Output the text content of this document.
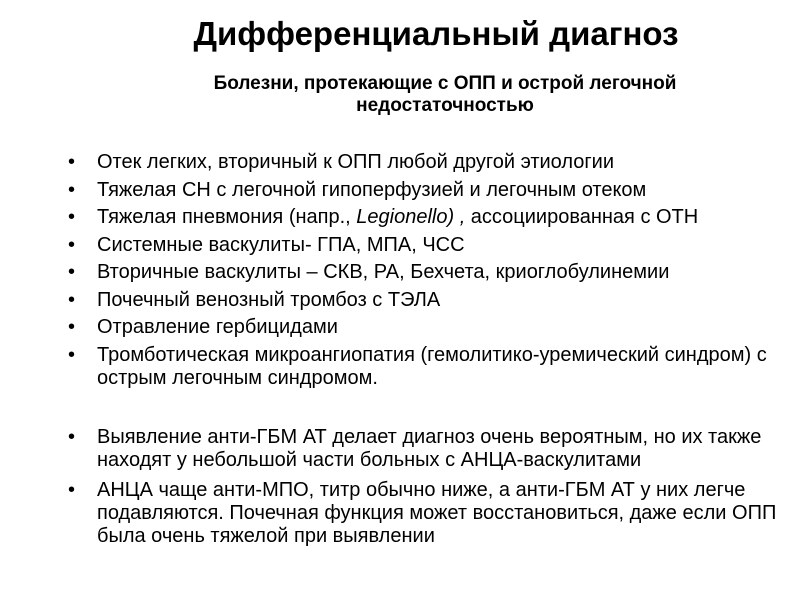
Дифференциальный диагноз
Болезни, протекающие с ОПП и острой легочной недостаточностью
• Отек легких, вторичный к ОПП любой другой этиологии
• Тяжелая СН с легочной гипоперфузией и легочным отеком
• Тяжелая пневмония (напр., Legionello) , ассоциированная с ОТН
• Системные васкулиты- ГПА, МПА, ЧСС
• Вторичные васкулиты – СКВ, РА, Бехчета, криоглобулинемии
• Почечный венозный тромбоз с ТЭЛА
• Отравление гербицидами
• Тромботическая микроангиопатия (гемолитико-уремический синдром) с острым легочным синдромом.
• Выявление анти-ГБМ АТ делает диагноз очень вероятным, но их также находят у небольшой части больных с АНЦА-васкулитами
• АНЦА чаще анти-МПО, титр обычно ниже, а анти-ГБМ АТ у них легче подавляются. Почечная функция может восстановиться, даже если ОПП была очень тяжелой при выявлении
